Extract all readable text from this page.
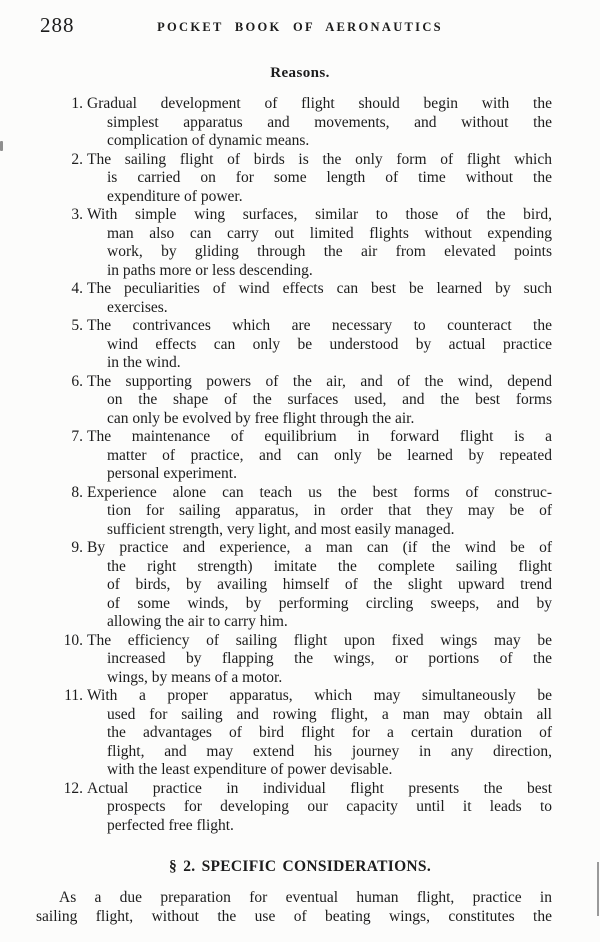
288	POCKET BOOK OF AERONAUTICS
Reasons.
1. Gradual development of flight should begin with the
simplest apparatus and movements, and without the
complication of dynamic means.
2. The sailing flight of birds is the only form of flight which
is carried on for some length of time without the
expenditure of power.
3. With simple wing surfaces, similar to those of the bird,
man also can carry out limited flights without expending
work, by gliding through the air from elevated points
in paths more or less descending.
4. The peculiarities of wind effects can best be learned by such
exercises.
5. The contrivances which are necessary to counteract the
wind effects can only be understood by actual practice
in the wind.
6. The supporting powers of the air, and of the wind, depend
on the shape of the surfaces used, and the best forms
can only be evolved by free flight through the air.
7. The maintenance of equilibrium in forward flight is a
matter of practice, and can only be learned by repeated
personal experiment.
8. Experience alone can teach us the best forms of construc-
tion for sailing apparatus, in order that they may be of
sufficient strength, very light, and most easily managed.
9. By practice and experience, a man can (if the wind be of
the right strength) imitate the complete sailing flight
of birds, by availing himself of the slight upward trend
of some winds, by performing circling sweeps, and by
allowing the air to carry him.
10. The efficiency of sailing flight upon fixed wings may be
increased by flapping the wings, or portions of the
wings, by means of a motor.
11. With a proper apparatus, which may simultaneously be
used for sailing and rowing flight, a man may obtain all
the advantages of bird flight for a certain duration of
flight, and may extend his journey in any direction,
with the least expenditure of power devisable.
12. Actual practice in individual flight presents the best
prospects for developing our capacity until it leads to
perfected free flight.
§ 2. SPECIFIC CONSIDERATIONS.
As a due preparation for eventual human flight, practice in
sailing flight, without the use of beating wings, constitutes the
